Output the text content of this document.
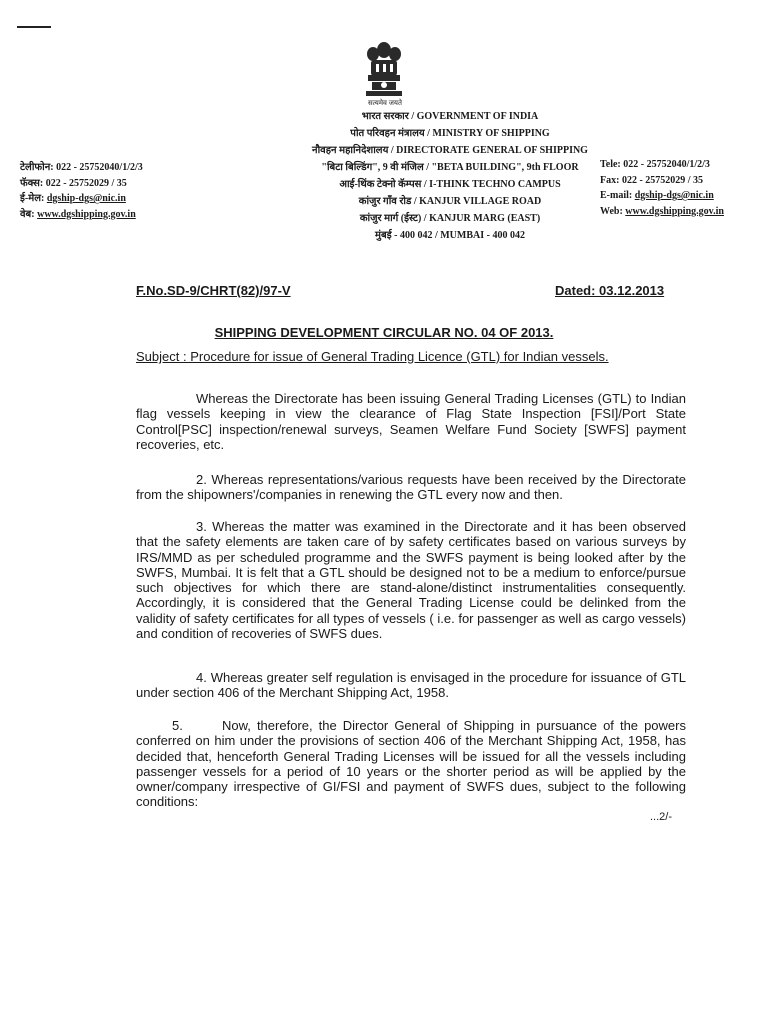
सत्यमेव जयते
भारत सरकार / GOVERNMENT OF INDIA
पोत परिवहन मंत्रालय / MINISTRY OF SHIPPING
नौवहन महानिदेशालय / DIRECTORATE GENERAL OF SHIPPING
"बिटा बिल्डिंग", 9 वी मंजिल / "BETA BUILDING", 9th FLOOR
आई-थिंक टेक्नो कॅम्पस / I-THINK TECHNO CAMPUS
कांजुर गाँव रोड / KANJUR VILLAGE ROAD
कांजुर मार्ग (ईस्ट) / KANJUR MARG (EAST)
मुंबई - 400 042 / MUMBAI - 400 042
टेलीफोन: 022 - 25752040/1/2/3
फॅक्स: 022 - 25752029 / 35
ई-मेल: dgship-dgs@nic.in
वेब: www.dgshipping.gov.in
Tele: 022 - 25752040/1/2/3
Fax: 022 - 25752029 / 35
E-mail: dgship-dgs@nic.in
Web: www.dgshipping.gov.in
F.No.SD-9/CHRT(82)/97-V	Dated: 03.12.2013
SHIPPING DEVELOPMENT CIRCULAR NO. 04 OF 2013.
Subject : Procedure for issue of General Trading Licence (GTL) for Indian vessels.
Whereas the Directorate has been issuing General Trading Licenses (GTL) to Indian flag vessels keeping in view the clearance of Flag State Inspection [FSI]/Port State Control[PSC] inspection/renewal surveys, Seamen Welfare Fund Society [SWFS] payment recoveries, etc.
2. Whereas representations/various requests have been received by the Directorate from the shipowners'/companies in renewing the GTL every now and then.
3. Whereas the matter was examined in the Directorate and it has been observed that the safety elements are taken care of by safety certificates based on various surveys by IRS/MMD as per scheduled programme and the SWFS payment is being looked after by the SWFS, Mumbai. It is felt that a GTL should be designed not to be a medium to enforce/pursue such objectives for which there are stand-alone/distinct instrumentalities consequently. Accordingly, it is considered that the General Trading License could be delinked from the validity of safety certificates for all types of vessels ( i.e. for passenger as well as cargo vessels) and condition of recoveries of SWFS dues.
4. Whereas greater self regulation is envisaged in the procedure for issuance of GTL under section 406 of the Merchant Shipping Act, 1958.
5.	Now, therefore, the Director General of Shipping in pursuance of the powers conferred on him under the provisions of section 406 of the Merchant Shipping Act, 1958, has decided that, henceforth General Trading Licenses will be issued for all the vessels including passenger vessels for a period of 10 years or the shorter period as will be applied by the owner/company irrespective of GI/FSI and payment of SWFS dues, subject to the following conditions:
...2/-
